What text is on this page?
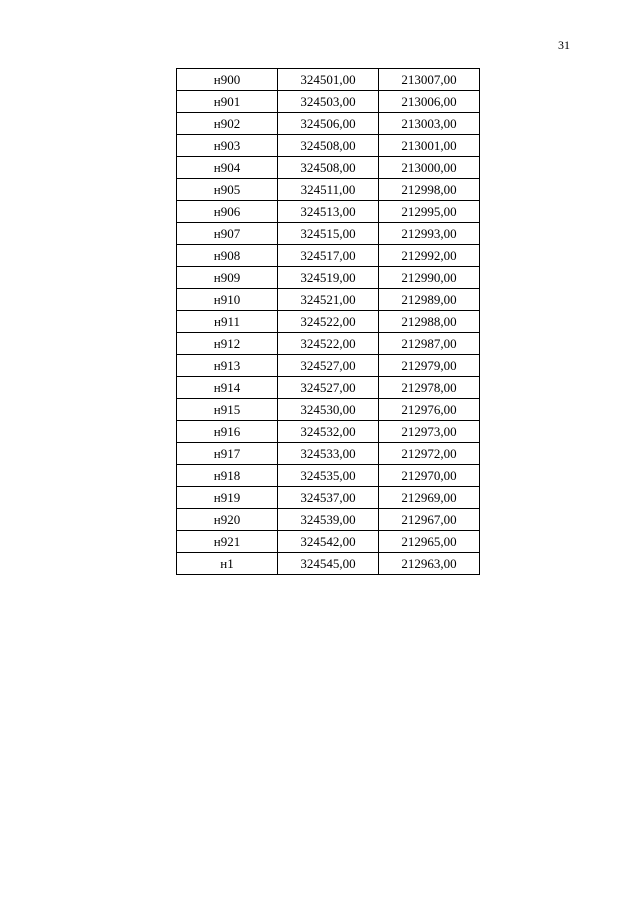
31
н900	324501,00	213007,00
н901	324503,00	213006,00
н902	324506,00	213003,00
н903	324508,00	213001,00
н904	324508,00	213000,00
н905	324511,00	212998,00
н906	324513,00	212995,00
н907	324515,00	212993,00
н908	324517,00	212992,00
н909	324519,00	212990,00
н910	324521,00	212989,00
н911	324522,00	212988,00
н912	324522,00	212987,00
н913	324527,00	212979,00
н914	324527,00	212978,00
н915	324530,00	212976,00
н916	324532,00	212973,00
н917	324533,00	212972,00
н918	324535,00	212970,00
н919	324537,00	212969,00
н920	324539,00	212967,00
н921	324542,00	212965,00
н1	324545,00	212963,00
